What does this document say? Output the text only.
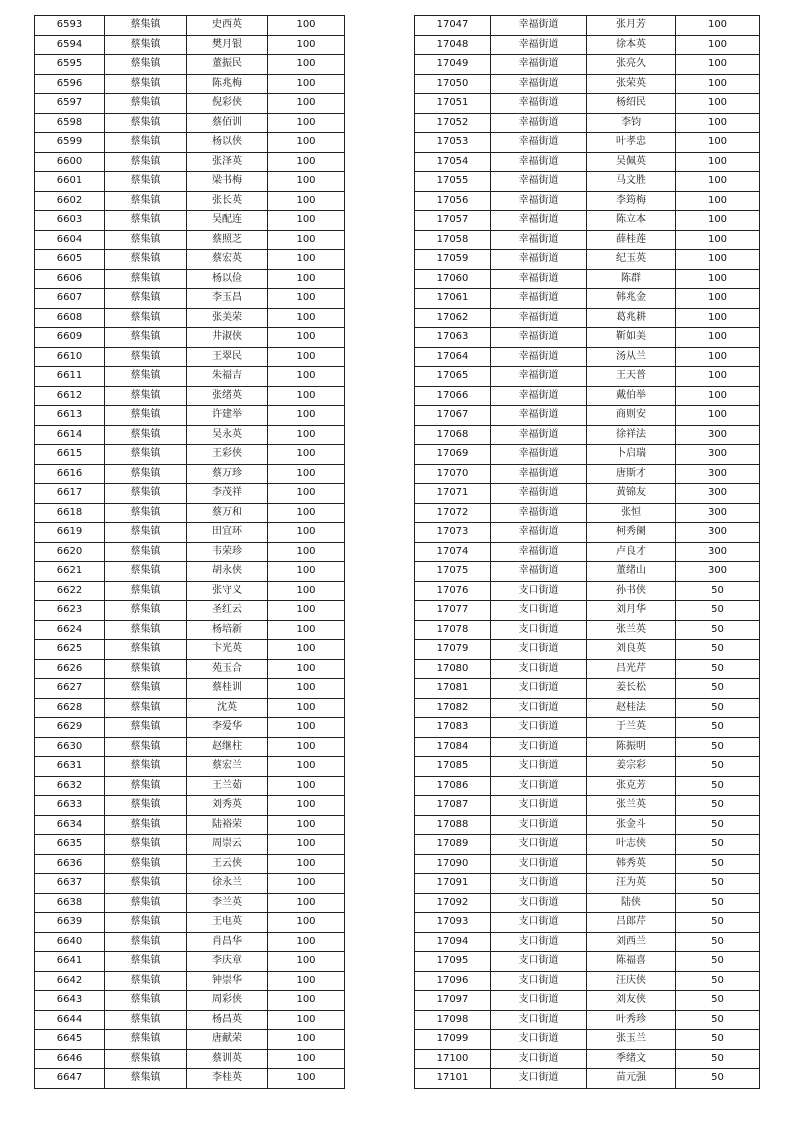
6593	蔡集镇	史西英	100
6594	蔡集镇	樊月银	100
6595	蔡集镇	董振民	100
6596	蔡集镇	陈兆梅	100
6597	蔡集镇	倪彩侠	100
6598	蔡集镇	蔡佰训	100
6599	蔡集镇	杨以侠	100
6600	蔡集镇	张泽英	100
6601	蔡集镇	梁书梅	100
6602	蔡集镇	张长英	100
6603	蔡集镇	吴配连	100
6604	蔡集镇	蔡照芝	100
6605	蔡集镇	蔡宏英	100
6606	蔡集镇	杨以俭	100
6607	蔡集镇	李玉昌	100
6608	蔡集镇	张美荣	100
6609	蔡集镇	井淑侠	100
6610	蔡集镇	王翠民	100
6611	蔡集镇	朱福吉	100
6612	蔡集镇	张绪英	100
6613	蔡集镇	许建举	100
6614	蔡集镇	吴永英	100
6615	蔡集镇	王彩侠	100
6616	蔡集镇	蔡万珍	100
6617	蔡集镇	李茂祥	100
6618	蔡集镇	蔡万和	100
6619	蔡集镇	田宜环	100
6620	蔡集镇	韦荣珍	100
6621	蔡集镇	胡永侠	100
6622	蔡集镇	张守义	100
6623	蔡集镇	圣红云	100
6624	蔡集镇	杨培新	100
6625	蔡集镇	卞光英	100
6626	蔡集镇	苑玉合	100
6627	蔡集镇	蔡桂训	100
6628	蔡集镇	沈英	100
6629	蔡集镇	李爱华	100
6630	蔡集镇	赵继柱	100
6631	蔡集镇	蔡宏兰	100
6632	蔡集镇	王兰茹	100
6633	蔡集镇	刘秀英	100
6634	蔡集镇	陆裕荣	100
6635	蔡集镇	周崇云	100
6636	蔡集镇	王云侠	100
6637	蔡集镇	徐永兰	100
6638	蔡集镇	李兰英	100
6639	蔡集镇	王电英	100
6640	蔡集镇	肖昌华	100
6641	蔡集镇	李庆章	100
6642	蔡集镇	钟崇华	100
6643	蔡集镇	周彩侠	100
6644	蔡集镇	杨昌英	100
6645	蔡集镇	唐献荣	100
6646	蔡集镇	蔡训英	100
6647	蔡集镇	李桂英	100
17047	幸福街道	张月芳	100
17048	幸福街道	徐本英	100
17049	幸福街道	张亮久	100
17050	幸福街道	张荣英	100
17051	幸福街道	杨绍民	100
17052	幸福街道	李钧	100
17053	幸福街道	叶孝忠	100
17054	幸福街道	吴佩英	100
17055	幸福街道	马文胜	100
17056	幸福街道	李筠梅	100
17057	幸福街道	陈立本	100
17058	幸福街道	薛桂莲	100
17059	幸福街道	纪玉英	100
17060	幸福街道	陈群	100
17061	幸福街道	韩兆金	100
17062	幸福街道	葛兆耕	100
17063	幸福街道	靳如美	100
17064	幸福街道	汤从兰	100
17065	幸福街道	王天普	100
17066	幸福街道	戴伯举	100
17067	幸福街道	商则安	100
17068	幸福街道	徐祥法	300
17069	幸福街道	卜启瑞	300
17070	幸福街道	唐斯才	300
17071	幸福街道	黄锦友	300
17072	幸福街道	张恒	300
17073	幸福街道	柯秀阑	300
17074	幸福街道	卢良才	300
17075	幸福街道	董绪山	300
17076	支口街道	孙书侠	50
17077	支口街道	刘月华	50
17078	支口街道	张兰英	50
17079	支口街道	刘良英	50
17080	支口街道	吕光芹	50
17081	支口街道	姜长松	50
17082	支口街道	赵桂法	50
17083	支口街道	于兰英	50
17084	支口街道	陈振明	50
17085	支口街道	姜宗彩	50
17086	支口街道	张克芳	50
17087	支口街道	张兰英	50
17088	支口街道	张金斗	50
17089	支口街道	叶志侠	50
17090	支口街道	韩秀英	50
17091	支口街道	汪为英	50
17092	支口街道	陆侠	50
17093	支口街道	吕郎芹	50
17094	支口街道	刘西兰	50
17095	支口街道	陈福喜	50
17096	支口街道	汪庆侠	50
17097	支口街道	刘友侠	50
17098	支口街道	叶秀珍	50
17099	支口街道	张玉兰	50
17100	支口街道	季绪文	50
17101	支口街道	苗元强	50
